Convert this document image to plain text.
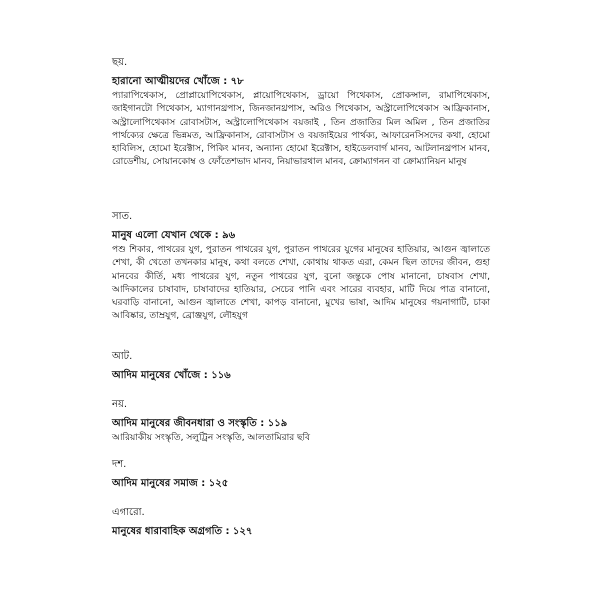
ছয়.

হারানো আত্মীয়দের খোঁজে : ৭৮

প্যারাপিথেকাস, প্রোপ্লায়োপিথেকাস, প্লায়োপিথেকাস, ড্রায়ো পিথেকাস, প্রোকন্সাল, রামাপিথেকাস, জাইগানটো পিথেকাস, ম্যাগানথ্রপাস, জিনজানথ্রপাস, অরিও পিথেকাস, অস্ট্রালোপিথেকাস আফ্রিকানাস, অস্ট্রালোপিথেকাস রোবাসটাস, অস্ট্রালোপিথেকাস বয়জাই , তিন প্রজাতির মিল অমিল , তিন প্রজাতির পার্থক্যের ক্ষেত্রে ভিন্নমত, আফ্রিকানাস, রোবাসটাস ও বয়জাইয়ের পার্থক্য, আফারেনসিসদের কথা, হোমো হাবিলিস, হোমো ইরেক্টাস, পিকিং মানব, অন্যান্য হোমো ইরেক্টাস, হাইডেলবার্গ মানব, আটলানথ্রপাস মানব, রোডেশীয়, সোয়ানকোম্ব ও ফোঁতেশভাদ মানব, নিয়াভারথাল মানব, ক্রোম্যাগনন বা ক্রোম্যানিয়ন মানুষ

সাত.

মানুষ এলো যেখান থেকে : ৯৬

পশু শিকার, পাথরের যুগ, পুরাতন পাথরের যুগ, পুরাতন পাথরের যুগের মানুষের হাতিয়ার, আগুন জ্বালাতে শেখা, কী খেতো তখনকার মানুষ, কথা বলতে শেখা, কোথায় থাকত এরা, কেমন ছিল তাদের জীবন, গুহা মানবের কীর্তি, মধ্য পাথরের যুগ, নতুন পাথরের যুগ, বুনো জন্তুকে পোষ মানানো, চাষবাস শেখা, আদিকালের চাষাবাদ, চাষাবাদের হাতিয়ার, সেচের পানি এবং সারের ব্যবহার, মাটি দিয়ে পাত্র বানানো, ঘরবাড়ি বানানো, আগুন জ্বালাতে শেখা, কাপড় বানানো, মুখের ভাষা, আদিম মানুষের গয়নাগাটি, চাকা আবিষ্কার, তাম্রযুগ, ব্রোঞ্জযুগ, লৌহযুগ

আট.

আদিম মানুষের খোঁজে : ১১৬

নয়.

আদিম মানুষের জীবনধারা ও সংস্কৃতি : ১১৯

আরিয়াকীয় সংস্কৃতি, সলুট্রিন সংস্কৃতি, আলতামিরার ছবি

দশ.

আদিম মানুষের সমাজ : ১২৫

এগারো.

মানুষের ধারাবাহিক অগ্রগতি : ১২৭
